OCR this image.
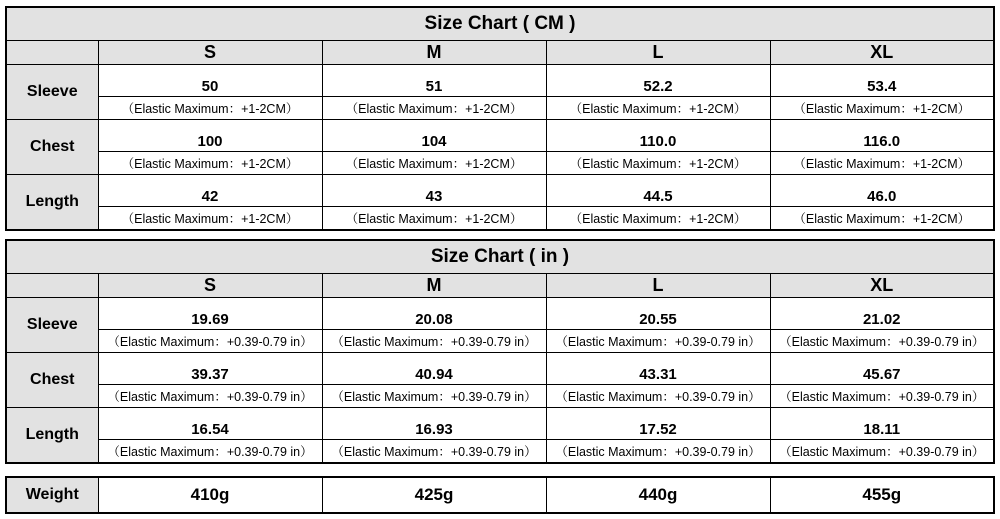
Size Chart ( CM )				
	S	M	L	XL
Sleeve	50	51	52.2	53.4
	（Elastic Maximum：+1-2CM）	（Elastic Maximum：+1-2CM）	（Elastic Maximum：+1-2CM）	（Elastic Maximum：+1-2CM）
Chest	100	104	110.0	116.0
	（Elastic Maximum：+1-2CM）	（Elastic Maximum：+1-2CM）	（Elastic Maximum：+1-2CM）	（Elastic Maximum：+1-2CM）
Length	42	43	44.5	46.0
	（Elastic Maximum：+1-2CM）	（Elastic Maximum：+1-2CM）	（Elastic Maximum：+1-2CM）	（Elastic Maximum：+1-2CM）
Size Chart ( in )				
	S	M	L	XL
Sleeve	19.69	20.08	20.55	21.02
	（Elastic Maximum：+0.39-0.79 in）	（Elastic Maximum：+0.39-0.79 in）	（Elastic Maximum：+0.39-0.79 in）	（Elastic Maximum：+0.39-0.79 in）
Chest	39.37	40.94	43.31	45.67
	（Elastic Maximum：+0.39-0.79 in）	（Elastic Maximum：+0.39-0.79 in）	（Elastic Maximum：+0.39-0.79 in）	（Elastic Maximum：+0.39-0.79 in）
Length	16.54	16.93	17.52	18.11
	（Elastic Maximum：+0.39-0.79 in）	（Elastic Maximum：+0.39-0.79 in）	（Elastic Maximum：+0.39-0.79 in）	（Elastic Maximum：+0.39-0.79 in）
Weight	410g	425g	440g	455g
